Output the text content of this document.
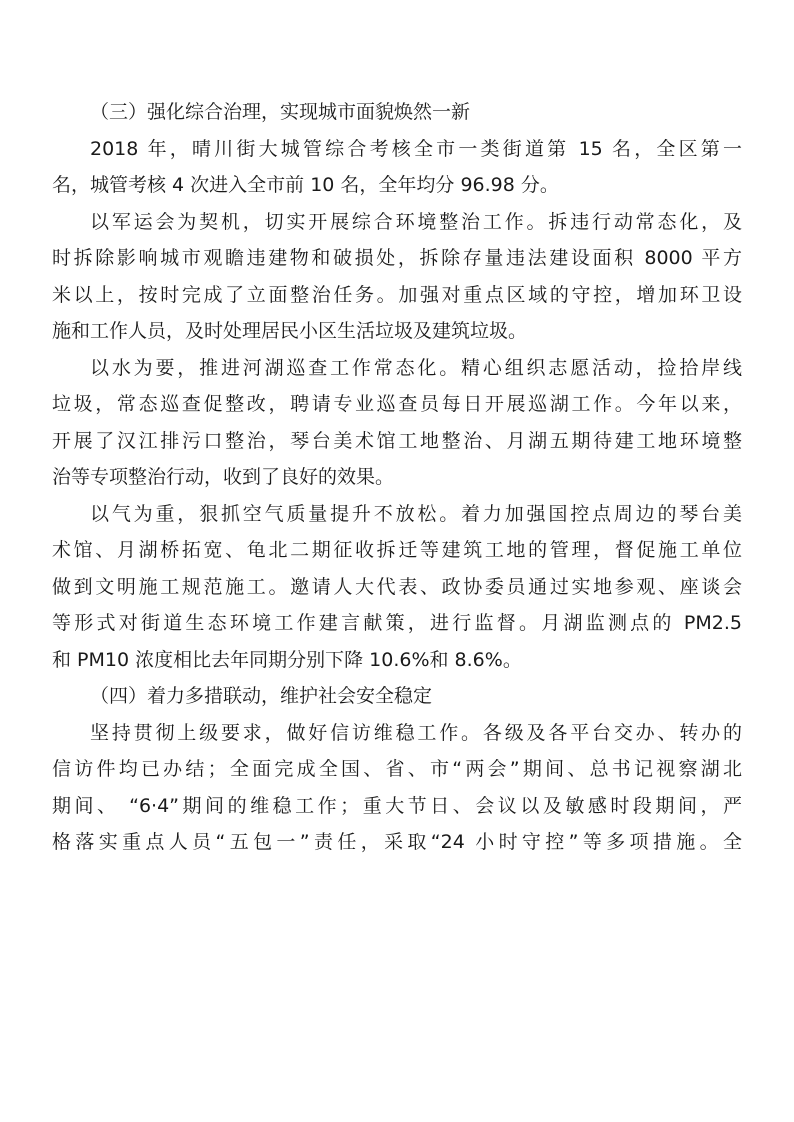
（三）强化综合治理，实现城市面貌焕然一新
2018 年，晴川街大城管综合考核全市一类街道第 15 名，全区第一
名，城管考核 4 次进入全市前 10 名，全年均分 96.98 分。
以军运会为契机，切实开展综合环境整治工作。拆违行动常态化，及
时拆除影响城市观瞻违建物和破损处，拆除存量违法建设面积 8000 平方
米以上，按时完成了立面整治任务。加强对重点区域的守控，增加环卫设
施和工作人员，及时处理居民小区生活垃圾及建筑垃圾。
以水为要，推进河湖巡查工作常态化。精心组织志愿活动，捡拾岸线
垃圾，常态巡查促整改，聘请专业巡查员每日开展巡湖工作。今年以来，
开展了汉江排污口整治，琴台美术馆工地整治、月湖五期待建工地环境整
治等专项整治行动，收到了良好的效果。
以气为重，狠抓空气质量提升不放松。着力加强国控点周边的琴台美
术馆、月湖桥拓宽、龟北二期征收拆迁等建筑工地的管理，督促施工单位
做到文明施工规范施工。邀请人大代表、政协委员通过实地参观、座谈会
等形式对街道生态环境工作建言献策，进行监督。月湖监测点的 PM2.5
和 PM10 浓度相比去年同期分别下降 10.6%和 8.6%。
（四）着力多措联动，维护社会安全稳定
坚持贯彻上级要求，做好信访维稳工作。各级及各平台交办、转办的
信访件均已办结；全面完成全国、省、市“两会”期间、总书记视察湖北
期间、 “6·4”期间的维稳工作；重大节日、会议以及敏感时段期间，严
格落实重点人员“五包一”责任，采取“24 小时守控”等多项措施。全
